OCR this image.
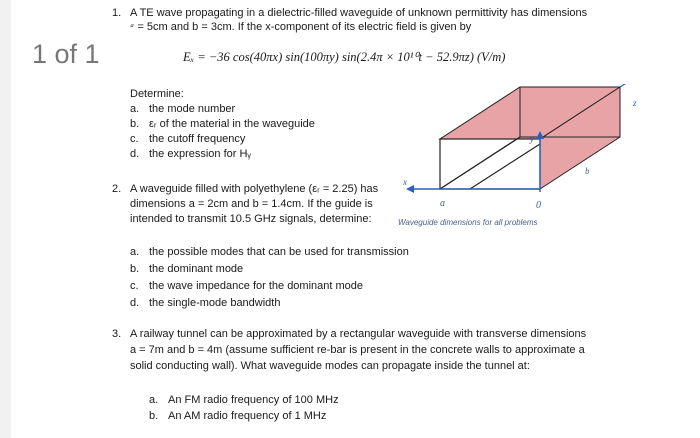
1 of 1
1. A TE wave propagating in a dielectric-filled waveguide of unknown permittivity has dimensions
ᵃ = 5cm and b = 3cm. If the x-component of its electric field is given by
Eₓ = −36 cos(40πx) sin(100πy) sin(2.4π × 10¹⁰t − 52.9πz) (V/m)
Determine:
a. the mode number
b. εᵣ of the material in the waveguide
c. the cutoff frequency
d. the expression for Hᵧ
2. A waveguide filled with polyethylene (εᵣ = 2.25) has
dimensions a = 2cm and b = 1.4cm. If the guide is
intended to transmit 10.5 GHz signals, determine:
a. the possible modes that can be used for transmission
b. the dominant mode
c. the wave impedance for the dominant mode
d. the single-mode bandwidth
3. A railway tunnel can be approximated by a rectangular waveguide with transverse dimensions
a = 7m and b = 4m (assume sufficient re-bar is present in the concrete walls to approximate a
solid conducting wall). What waveguide modes can propagate inside the tunnel at:
a. An FM radio frequency of 100 MHz
b. An AM radio frequency of 1 MHz
a	0
x
y
z
b
Waveguide dimensions for all problems
